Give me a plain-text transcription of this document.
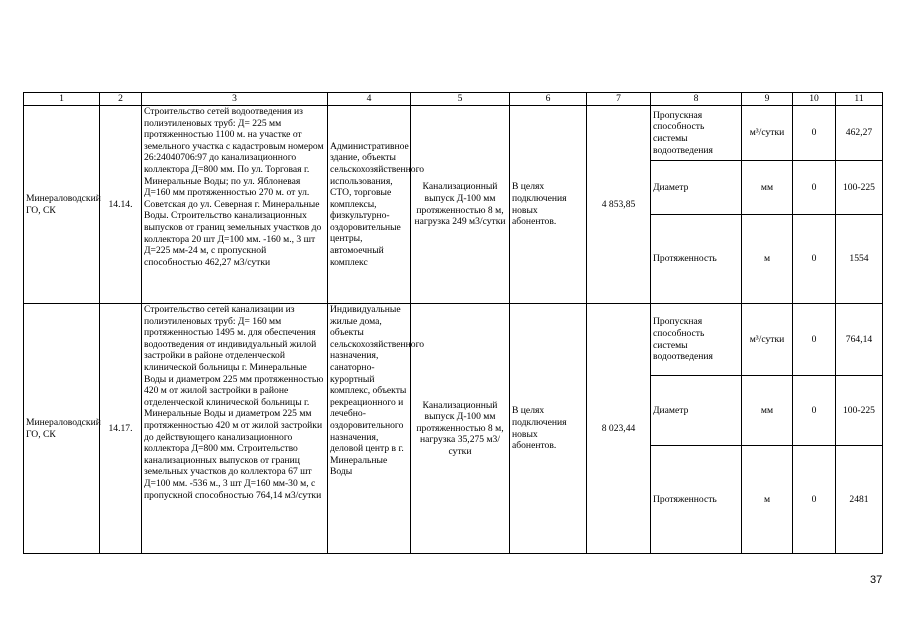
1	2	3	4	5	6	7	8	9	10	11
Минераловодский ГО, СК	14.14.	Строительство сетей водоотведения из полиэтиленовых труб: Д= 225 мм протяженностью 1100 м. на участке от земельного участка с кадастровым номером 26:24040706:97 до канализационного коллектора Д=800 мм. По ул. Торговая г. Минеральные Воды; по ул. Яблоневая Д=160 мм протяженностью 270 м. от ул. Советская до ул. Северная г. Минеральные Воды. Строительство канализационных выпусков от границ земельных участков до коллектора 20 шт Д=100 мм. -160 м., 3 шт Д=225 мм-24 м, с пропускной способностью 462,27 м3/сутки	Административное здание, объекты сельскохозяйственного использования, СТО, торговые комплексы, физкультурно-оздоровительные центры, автомоечный комплекс	Канализационный выпуск Д-100 мм протяженностью 8 м, нагрузка 249 м3/сутки	В целях подключения новых абонентов.	4 853,85	Пропускная способность системы водоотведения	м³/сутки	0	462,27
							Диаметр	мм	0	100-225
							Протяженность	м	0	1554
Минераловодский ГО, СК	14.17.	Строительство сетей канализации из полиэтиленовых труб: Д= 160 мм протяженностью 1495 м. для обеспечения водоотведения от индивидуальный жилой застройки в районе отделенческой клинической больницы г. Минеральные Воды и диаметром 225 мм протяженностью 420 м от жилой застройки в районе отделенческой клинической больницы г. Минеральные Воды и диаметром 225 мм протяженностью 420 м от жилой застройки до действующего канализационного коллектора Д=800 мм. Строительство канализационных выпусков от границ земельных участков до коллектора 67 шт Д=100 мм. -536 м., 3 шт Д=160 мм-30 м, с пропускной способностью 764,14 м3/сутки	Индивидуальные жилые дома, объекты сельскохозяйственного назначения, санаторно-курортный комплекс, объекты рекреационного и лечебно-оздоровительного назначения, деловой центр в г. Минеральные Воды	Канализационный выпуск Д-100 мм протяженностью 8 м, нагрузка 35,275 м3/сутки	В целях подключения новых абонентов.	8 023,44	Пропускная способность системы водоотведения	м³/сутки	0	764,14
							Диаметр	мм	0	100-225
							Протяженность	м	0	2481
37
